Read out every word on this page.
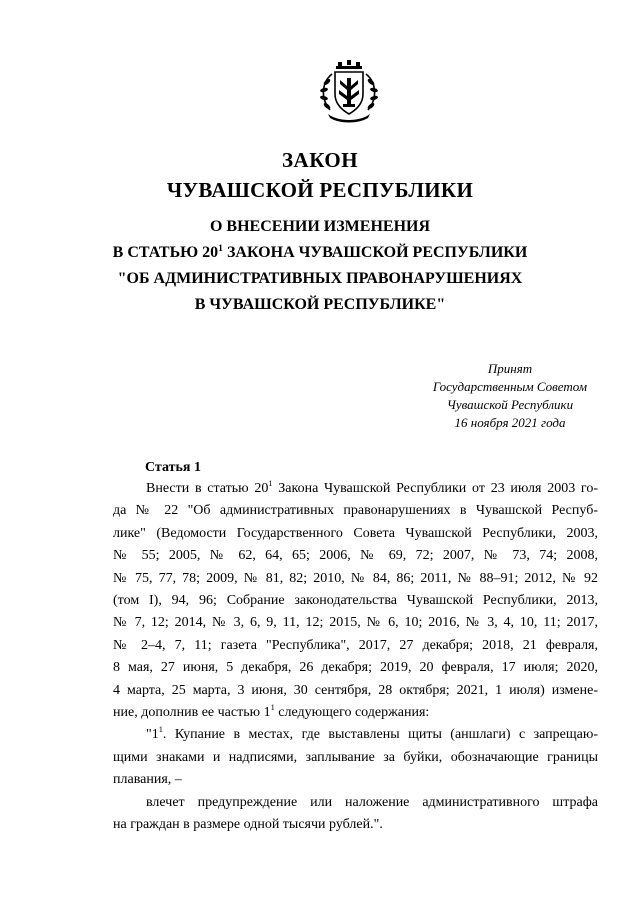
ЗАКОН
ЧУВАШСКОЙ РЕСПУБЛИКИ
О ВНЕСЕНИИ ИЗМЕНЕНИЯ
В СТАТЬЮ $20^1$ ЗАКОНА ЧУВАШСКОЙ РЕСПУБЛИКИ
"ОБ АДМИНИСТРАТИВНЫХ ПРАВОНАРУШЕНИЯХ
В ЧУВАШСКОЙ РЕСПУБЛИКЕ"
Принят
Государственным Советом
Чувашской Республики
16 ноября 2021 года
Статья 1
Внести в статью $20^1$ Закона Чувашской Республики от 23 июля 2003 го-
да № 22 "Об административных правонарушениях в Чувашской Респуб-
лике" (Ведомости Государственного Совета Чувашской Республики, 2003,
№ 55; 2005, № 62, 64, 65; 2006, № 69, 72; 2007, № 73, 74; 2008,
№ 75, 77, 78; 2009, № 81, 82; 2010, № 84, 86; 2011, № 88–91; 2012, № 92
(том I), 94, 96; Собрание законодательства Чувашской Республики, 2013,
№ 7, 12; 2014, № 3, 6, 9, 11, 12; 2015, № 6, 10; 2016, № 3, 4, 10, 11; 2017,
№ 2–4, 7, 11; газета "Республика", 2017, 27 декабря; 2018, 21 февраля,
8 мая, 27 июня, 5 декабря, 26 декабря; 2019, 20 февраля, 17 июля; 2020,
4 марта, 25 марта, 3 июня, 30 сентября, 28 октября; 2021, 1 июля) измене-
ние, дополнив ее частью $1^1$ следующего содержания:
"$1^1$. Купание в местах, где выставлены щиты (аншлаги) с запрещаю-
щими знаками и надписями, заплывание за буйки, обозначающие границы
плавания, –
влечет предупреждение или наложение административного штрафа
на граждан в размере одной тысячи рублей.".
